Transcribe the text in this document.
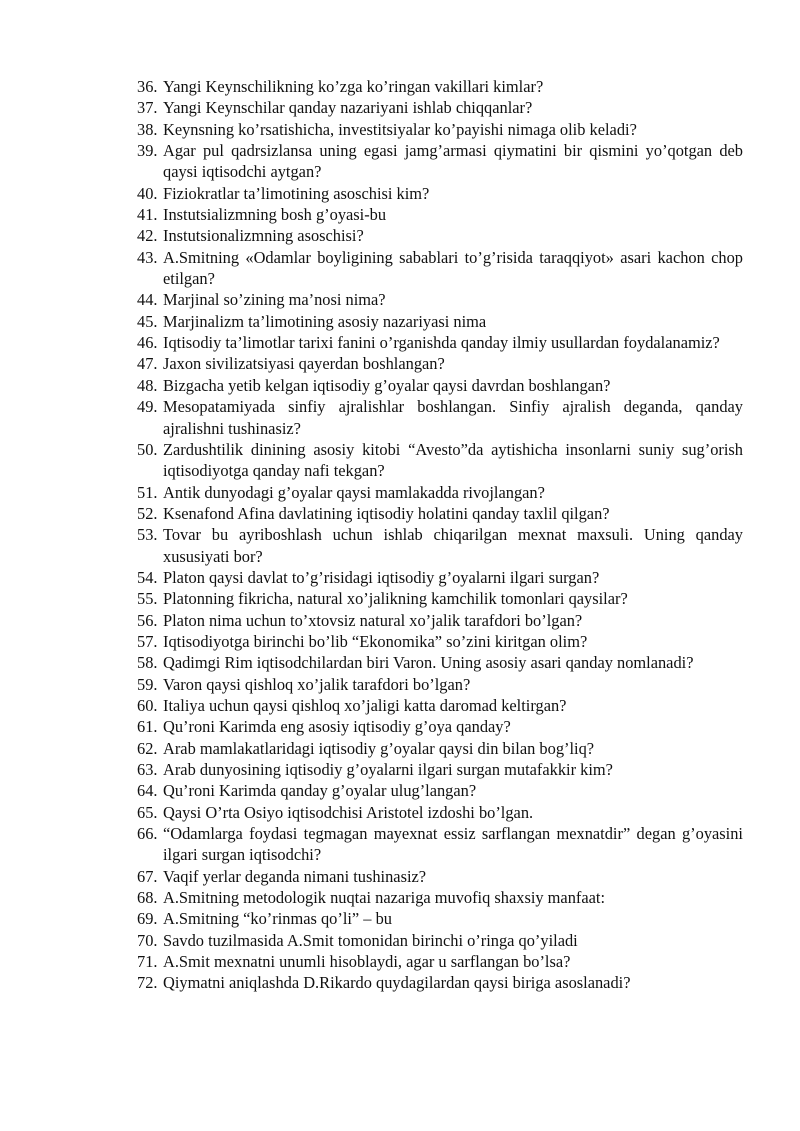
36. Yangi Keynschilikning ko’zga ko’ringan vakillari kimlar?
37. Yangi Keynschilar qanday nazariyani ishlab chiqqanlar?
38. Keynsning ko’rsatishicha, investitsiyalar ko’payishi nimaga olib keladi?
39. Agar pul qadrsizlansa uning egasi jamg’armasi qiymatini bir qismini yo’qotgan deb qaysi iqtisodchi aytgan?
40. Fiziokratlar ta’limotining asoschisi kim?
41. Instutsializmning bosh g’oyasi-bu
42. Instutsionalizmning asoschisi?
43. A.Smitning «Odamlar boyligining sabablari to’g’risida taraqqiyot» asari kachon chop etilgan?
44. Marjinal so’zining ma’nosi nima?
45. Marjinalizm ta’limotining asosiy nazariyasi nima
46. Iqtisodiy ta’limotlar tarixi fanini o’rganishda qanday ilmiy usullardan foydalanamiz?
47. Jaxon sivilizatsiyasi qayerdan boshlangan?
48. Bizgacha yetib kelgan iqtisodiy g’oyalar qaysi davrdan boshlangan?
49. Mesopatamiyada sinfiy ajralishlar boshlangan. Sinfiy ajralish deganda, qanday ajralishni tushinasiz?
50. Zardushtilik dinining asosiy kitobi “Avesto”da aytishicha insonlarni suniy sug’orish iqtisodiyotga qanday nafi tekgan?
51. Antik dunyodagi g’oyalar qaysi mamlakadda rivojlangan?
52. Ksenafond Afina davlatining iqtisodiy holatini qanday taxlil qilgan?
53. Tovar bu ayriboshlash uchun ishlab chiqarilgan mexnat maxsuli. Uning qanday xususiyati bor?
54. Platon qaysi davlat to’g’risidagi iqtisodiy g’oyalarni ilgari surgan?
55. Platonning fikricha, natural xo’jalikning kamchilik tomonlari qaysilar?
56. Platon nima uchun to’xtovsiz natural xo’jalik tarafdori bo’lgan?
57. Iqtisodiyotga birinchi bo’lib “Ekonomika” so’zini kiritgan olim?
58. Qadimgi Rim iqtisodchilardan biri Varon. Uning asosiy asari qanday nomlanadi?
59. Varon qaysi qishloq xo’jalik tarafdori bo’lgan?
60. Italiya uchun qaysi qishloq xo’jaligi katta daromad keltirgan?
61. Qu’roni Karimda eng asosiy iqtisodiy g’oya qanday?
62. Arab mamlakatlaridagi iqtisodiy g’oyalar qaysi din bilan bog’liq?
63. Arab dunyosining iqtisodiy g’oyalarni ilgari surgan mutafakkir kim?
64. Qu’roni Karimda qanday g’oyalar ulug’langan?
65. Qaysi O’rta Osiyo iqtisodchisi Aristotel izdoshi bo’lgan.
66. “Odamlarga foydasi tegmagan mayexnat essiz sarflangan mexnatdir” degan g’oyasini ilgari surgan iqtisodchi?
67. Vaqif yerlar deganda nimani tushinasiz?
68. A.Smitning metodologik nuqtai nazariga muvofiq shaxsiy manfaat:
69. A.Smitning “ko’rinmas qo’li” – bu
70. Savdo tuzilmasida A.Smit tomonidan birinchi o’ringa qo’yiladi
71. A.Smit mexnatni unumli hisoblaydi, agar u sarflangan bo’lsa?
72. Qiymatni aniqlashda D.Rikardo quydagilardan qaysi biriga asoslanadi?
